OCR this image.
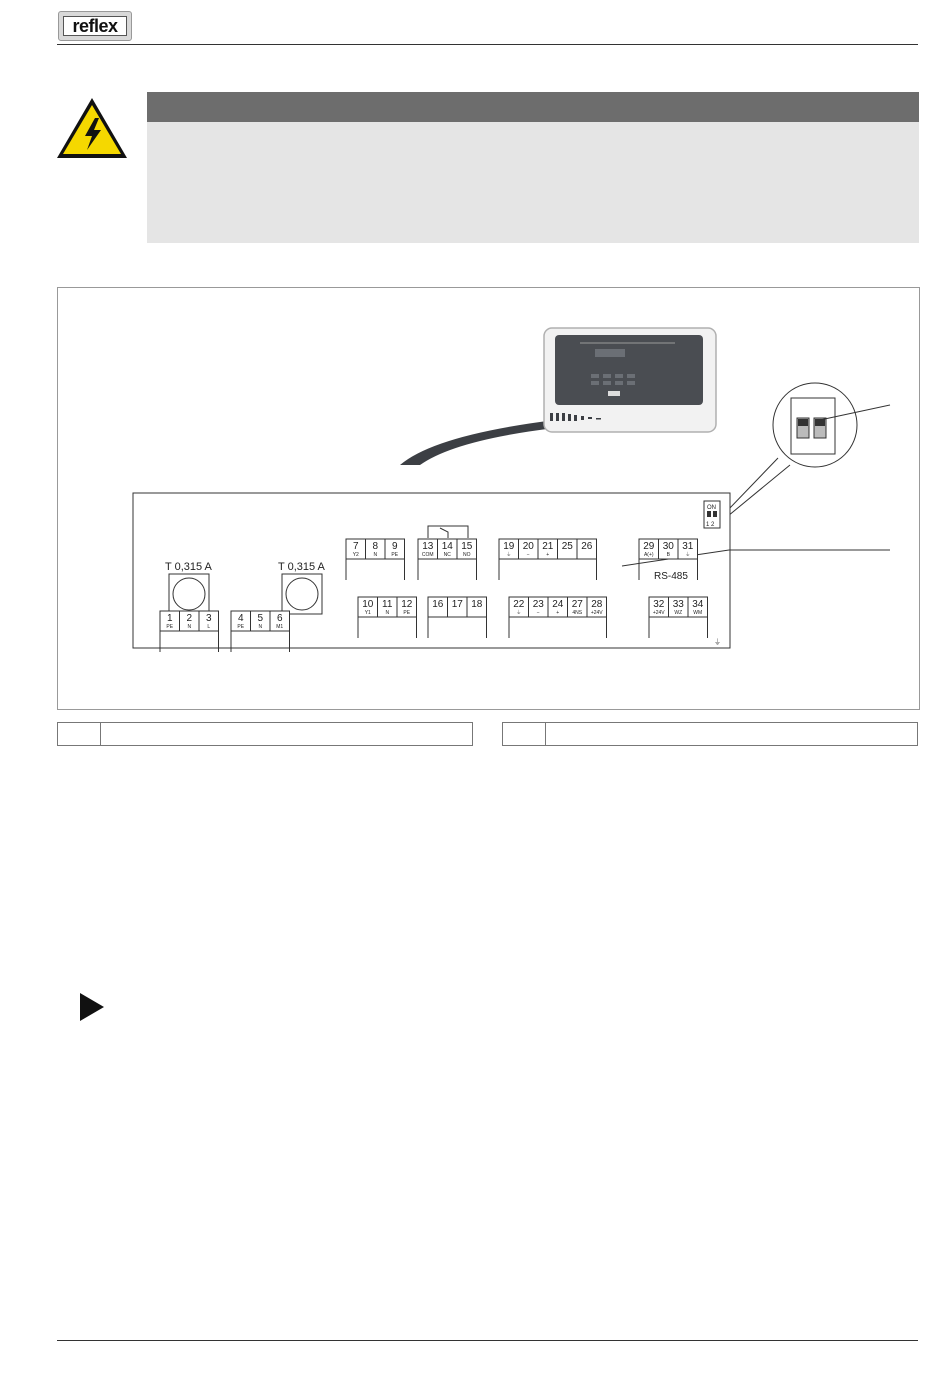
reflex
T 0,315 A	T 0,315 A
ON
1 2
RS-485
⏚
1
PE
2
N
3
L
4
PE
5
N
6
M1
7
Y2
8
N
9
PE
10
Y1
11
N
12
PE
13
COM
14
NC
15
NO
16 17 18
19
⏚
20
−
21
+
25 26
22
⏚
23
−
24
+
27
4NS
28
+24V
29
A(+)
30
B
31
⏚
32
+24V
33
WZ
34
WM
